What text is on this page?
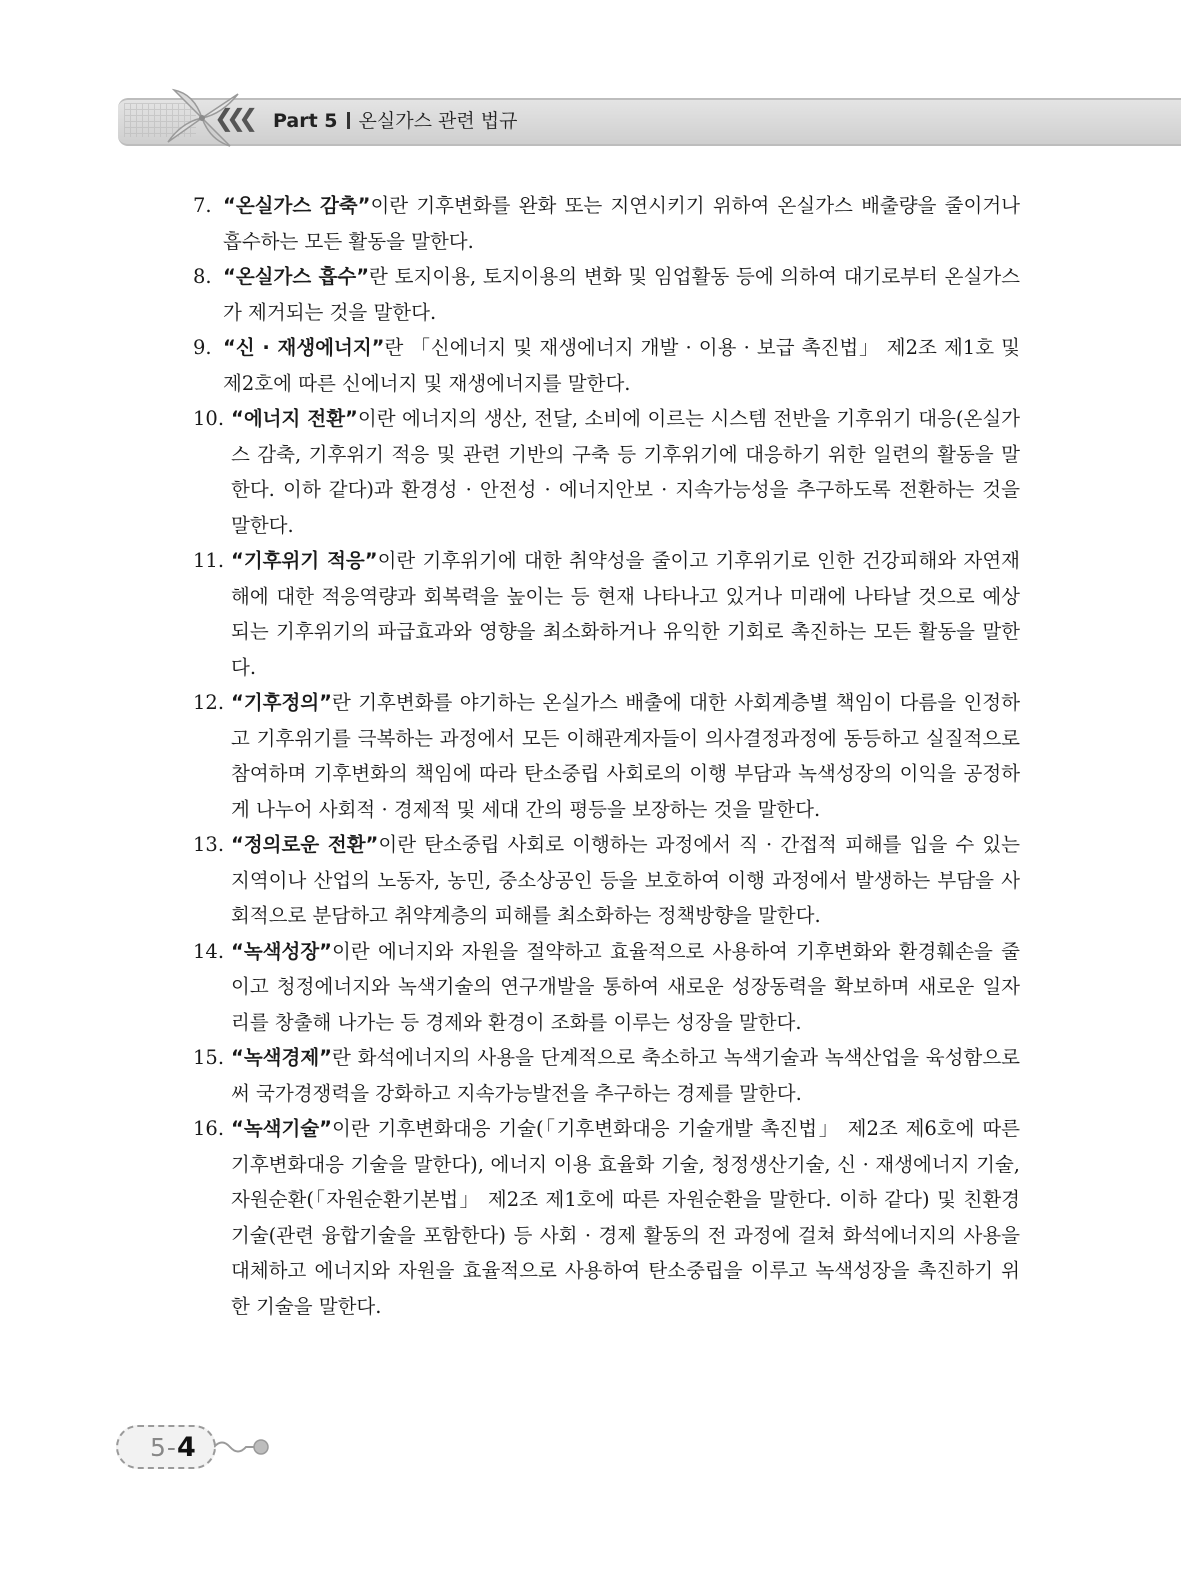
❮❮❮ Part 5 온실가스 관련 법규
7. “온실가스 감축”이란 기후변화를 완화 또는 지연시키기 위하여 온실가스 배출량을 줄이거나 흡수하는 모든 활동을 말한다.
8. “온실가스 흡수”란 토지이용, 토지이용의 변화 및 임업활동 등에 의하여 대기로부터 온실가스가 제거되는 것을 말한다.
9. “신 · 재생에너지”란 「신에너지 및 재생에너지 개발 · 이용 · 보급 촉진법」 제2조 제1호 및 제2호에 따른 신에너지 및 재생에너지를 말한다.
10. “에너지 전환”이란 에너지의 생산, 전달, 소비에 이르는 시스템 전반을 기후위기 대응(온실가스 감축, 기후위기 적응 및 관련 기반의 구축 등 기후위기에 대응하기 위한 일련의 활동을 말한다. 이하 같다)과 환경성 · 안전성 · 에너지안보 · 지속가능성을 추구하도록 전환하는 것을 말한다.
11. “기후위기 적응”이란 기후위기에 대한 취약성을 줄이고 기후위기로 인한 건강피해와 자연재해에 대한 적응역량과 회복력을 높이는 등 현재 나타나고 있거나 미래에 나타날 것으로 예상되는 기후위기의 파급효과와 영향을 최소화하거나 유익한 기회로 촉진하는 모든 활동을 말한다.
12. “기후정의”란 기후변화를 야기하는 온실가스 배출에 대한 사회계층별 책임이 다름을 인정하고 기후위기를 극복하는 과정에서 모든 이해관계자들이 의사결정과정에 동등하고 실질적으로 참여하며 기후변화의 책임에 따라 탄소중립 사회로의 이행 부담과 녹색성장의 이익을 공정하게 나누어 사회적 · 경제적 및 세대 간의 평등을 보장하는 것을 말한다.
13. “정의로운 전환”이란 탄소중립 사회로 이행하는 과정에서 직 · 간접적 피해를 입을 수 있는 지역이나 산업의 노동자, 농민, 중소상공인 등을 보호하여 이행 과정에서 발생하는 부담을 사회적으로 분담하고 취약계층의 피해를 최소화하는 정책방향을 말한다.
14. “녹색성장”이란 에너지와 자원을 절약하고 효율적으로 사용하여 기후변화와 환경훼손을 줄이고 청정에너지와 녹색기술의 연구개발을 통하여 새로운 성장동력을 확보하며 새로운 일자리를 창출해 나가는 등 경제와 환경이 조화를 이루는 성장을 말한다.
15. “녹색경제”란 화석에너지의 사용을 단계적으로 축소하고 녹색기술과 녹색산업을 육성함으로써 국가경쟁력을 강화하고 지속가능발전을 추구하는 경제를 말한다.
16. “녹색기술”이란 기후변화대응 기술(「기후변화대응 기술개발 촉진법」 제2조 제6호에 따른 기후변화대응 기술을 말한다), 에너지 이용 효율화 기술, 청정생산기술, 신 · 재생에너지 기술, 자원순환(「자원순환기본법」 제2조 제1호에 따른 자원순환을 말한다. 이하 같다) 및 친환경 기술(관련 융합기술을 포함한다) 등 사회 · 경제 활동의 전 과정에 걸쳐 화석에너지의 사용을 대체하고 에너지와 자원을 효율적으로 사용하여 탄소중립을 이루고 녹색성장을 촉진하기 위한 기술을 말한다.
5-4
